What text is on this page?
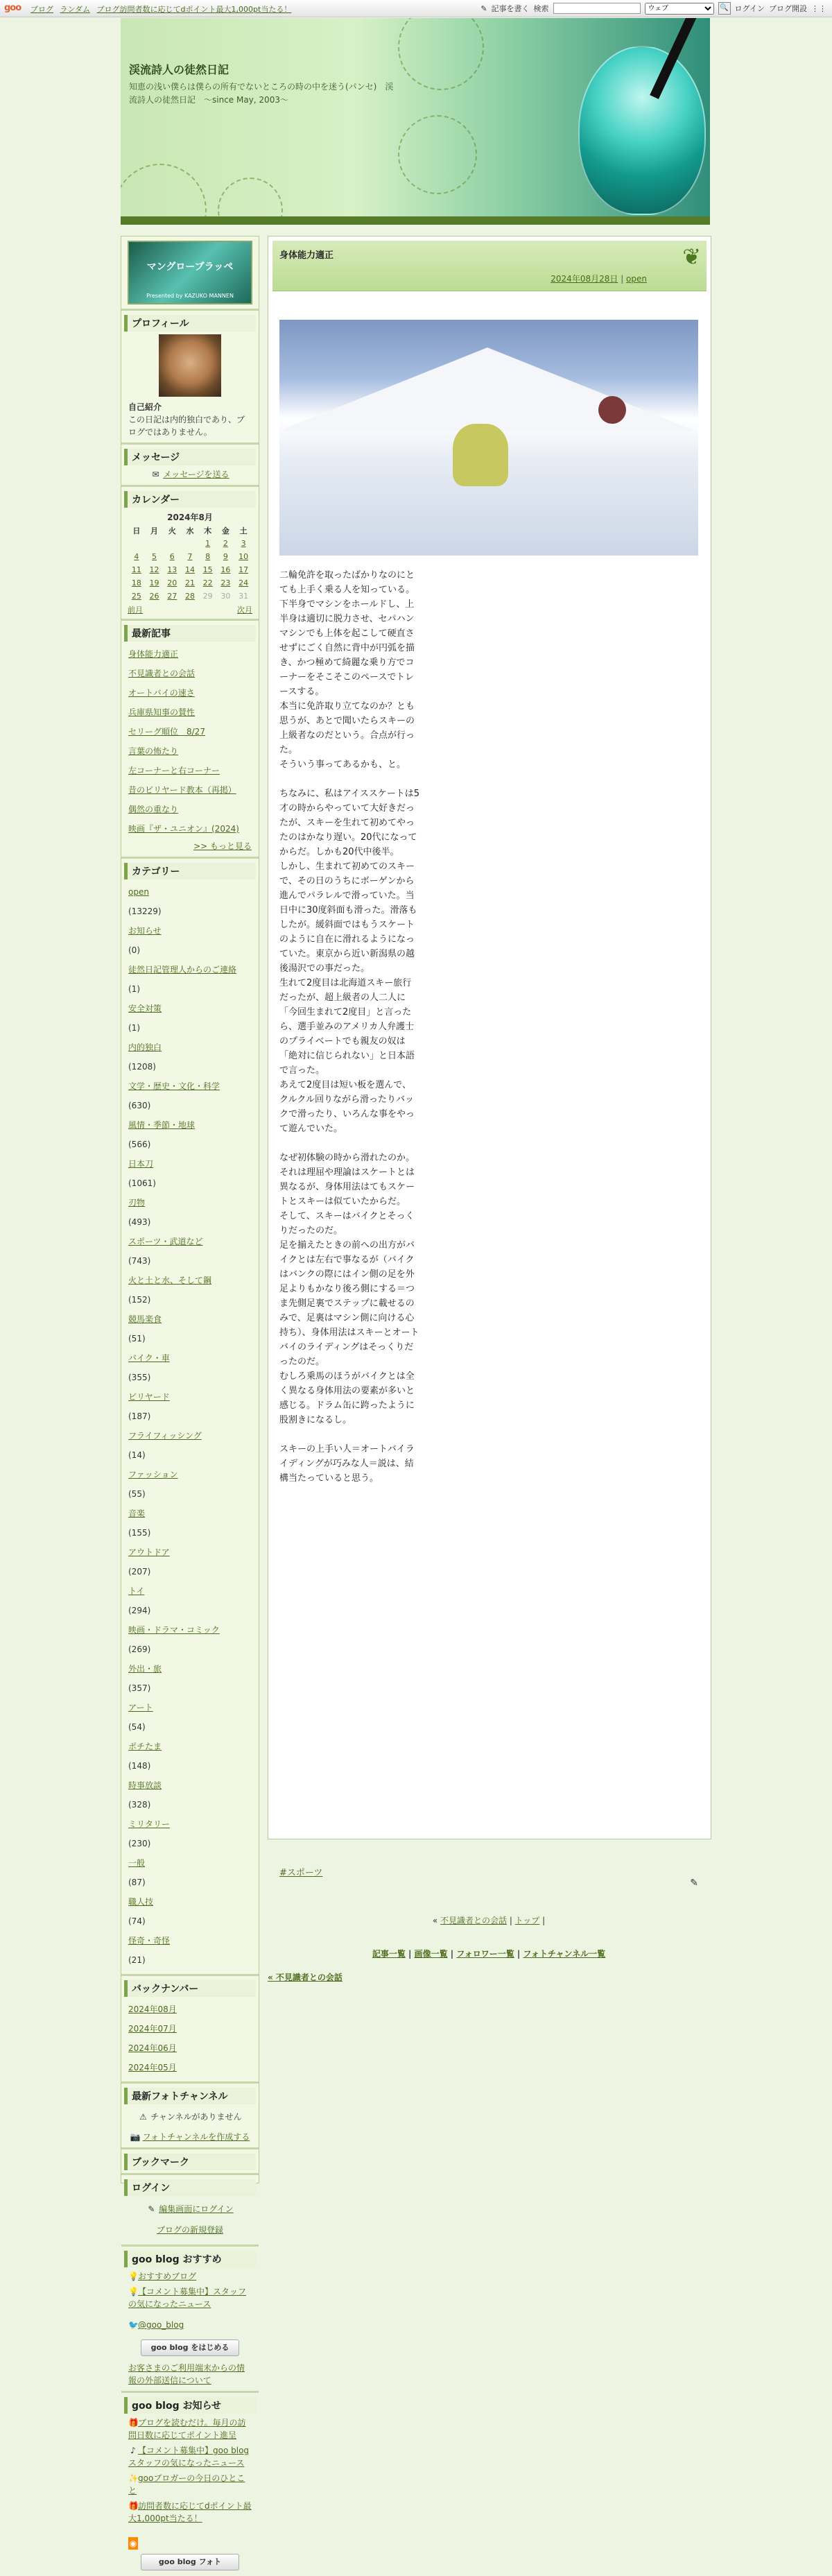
goo ブログ ランダム ブログ訪問者数に応じてdポイント最大1,000pt当たる！	✎ 記事を書く 検索
ウェブ	🔍 ログイン ブログ開設 ⋮⋮
渓流詩人の徒然日記
知恵の浅い僕らは僕らの所有でないところの時の中を迷う(パンセ)　渓流詩人の徒然日記　～since May, 2003～
マングローブラッペ
Presented by KAZUKO MANNEN
プロフィール
自己紹介
この日記は内的独白であり、ブログではありません。
メッセージ
✉ メッセージを送る
カレンダー
2024年8月						
日	月	火	水	木	金	土
				1	2	3
4	5	6	7	8	9	10
11	12	13	14	15	16	17
18	19	20	21	22	23	24
25	26	27	28	29	30	31
前月				次月		
最新記事
身体能力適正
不見識者との会話
オートバイの速さ
兵庫県知事の賛性
セリーグ順位　8/27
言葉の怖たり
左コーナーと右コーナー
昔のビリヤード教本（再掲）
偶然の重なり
映画『ザ・ユニオン』(2024)
>> もっと見る
カテゴリー
open
(13229)
お知らせ
(0)
徒然日記管理人からのご連絡
(1)
安全対策
(1)
内的独白
(1208)
文学・歴史・文化・科学
(630)
風情・季節・地球
(566)
日本刀
(1061)
刃物
(493)
スポーツ・武道など
(743)
火と土と水、そして鋼
(152)
競馬楽食
(51)
バイク・車
(355)
ビリヤード
(187)
フライフィッシング
(14)
ファッション
(55)
音楽
(155)
アウトドア
(207)
トイ
(294)
映画・ドラマ・コミック
(269)
外出・旅
(357)
アート
(54)
ポチたま
(148)
時事放談
(328)
ミリタリー
(230)
一般
(87)
職人技
(74)
怪奇・奇怪
(21)
バックナンバー
2024年08月
2024年07月
2024年06月
2024年05月
最新フォトチャンネル
⚠ チャンネルがありません
📷 フォトチャンネルを作成する
ブックマーク
ログイン
✎ 編集画面にログイン
ブログの新規登録
goo blog おすすめ
💡おすすめブログ
💡【コメント募集中】スタッフの気になったニュース
🐦@goo_blog
goo blog をはじめる
お客さまのご利用端末からの情報の外部送信について
goo blog お知らせ
🎁ブログを読むだけ。毎月の訪問日数に応じてポイント進呈
♪ 【コメント募集中】goo blogスタッフの気になったニュース
✨gooブロガーの今日のひとこと
🎁訪問者数に応じてdポイント最大1,000pt当たる！
◉
goo blog フォト
身体能力適正
2024年08月28日 | open
❦
二輪免許を取ったばかりなのにとても上手く乗る人を知っている。下半身でマシンをホールドし、上半身は適切に脱力させ、セパハンマシンでも上体を起こして硬直させずにごく自然に背中が円弧を描き、かつ極めて綺麗な乗り方でコーナーをそこそこのペースでトレースする。
本当に免許取り立てなのか？とも思うが、あとで聞いたらスキーの上級者なのだという。合点が行った。
そういう事ってあるかも、と。

ちなみに、私はアイススケートは5才の時からやっていて大好きだったが、スキーを生れて初めてやったのはかなり遅い。20代になってからだ。しかも20代中後半。
しかし、生まれて初めてのスキーで、その日のうちにボーゲンから進んでパラレルで滑っていた。当日中に30度斜面も滑った。滑落もしたが。緩斜面ではもうスケートのように自在に滑れるようになっていた。東京から近い新潟県の越後湯沢での事だった。
生れて2度目は北海道スキー旅行だったが、超上級者の人二人に「今回生まれて2度目」と言ったら、選手並みのアメリカ人弁護士のプライベートでも親友の奴は「絶対に信じられない」と日本語で言った。
あえて2度目は短い板を選んで、クルクル回りながら滑ったりバックで滑ったり、いろんな事をやって遊んでいた。

なぜ初体験の時から滑れたのか。
それは理屈や理論はスケートとは異なるが、身体用法はてもスケートとスキーは似ていたからだ。
そして、スキーはバイクとそっくりだったのだ。
足を揃えたときの前への出方がバイクとは左右で事なるが（バイクはバンクの際にはイン側の足を外足よりもかなり後ろ側にする＝つま先側足裏でステップに載せるのみで、足裏はマシン側に向ける心持ち）、身体用法はスキーとオートバイのライディングはそっくりだったのだ。
むしろ乗馬のほうがバイクとは全く異なる身体用法の要素が多いと感じる。ドラム缶に跨ったように股割きになるし。

スキーの上手い人＝オートバイライディングが巧みな人＝説は、結構当たっていると思う。
#スポーツ
✎
« 不見識者との会話 | トップ |
記事一覧 | 画像一覧 | フォロワー一覧 | フォトチャンネル一覧
« 不見識者との会話
